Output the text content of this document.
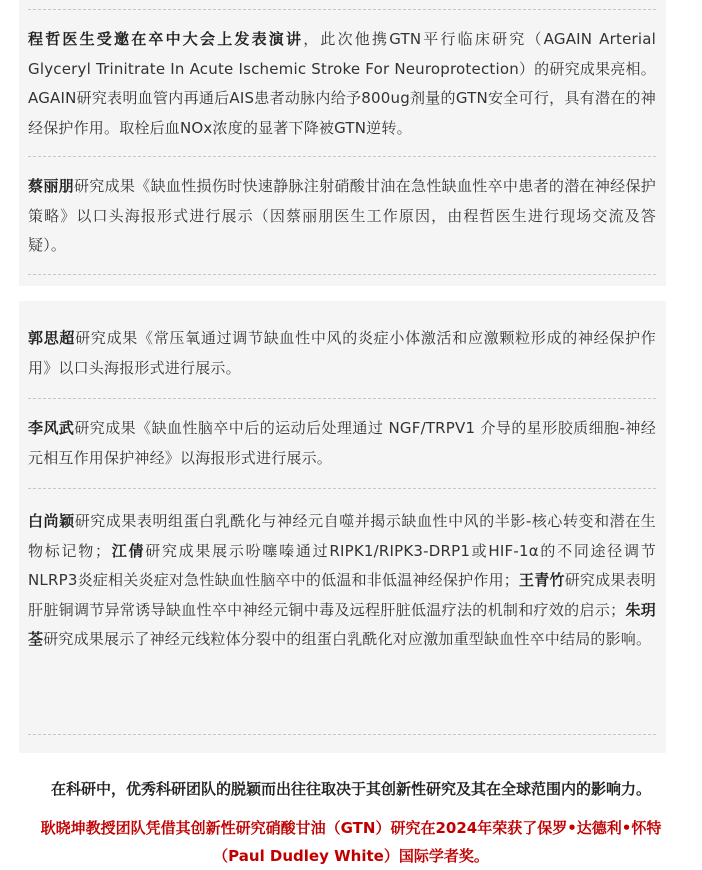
程哲医生受邀在卒中大会上发表演讲，此次他携GTN平行临床研究（AGAIN Arterial Glyceryl Trinitrate In Acute Ischemic Stroke For Neuroprotection）的研究成果亮相。AGAIN研究表明血管内再通后AIS患者动脉内给予800ug剂量的GTN安全可行，具有潜在的神经保护作用。取栓后血NOx浓度的显著下降被GTN逆转。

蔡丽朋研究成果《缺血性损伤时快速静脉注射硝酸甘油在急性缺血性卒中患者的潜在神经保护策略》以口头海报形式进行展示（因蔡丽朋医生工作原因，由程哲医生进行现场交流及答疑）。

郭思超研究成果《常压氧通过调节缺血性中风的炎症小体激活和应激颗粒形成的神经保护作用》以口头海报形式进行展示。

李风武研究成果《缺血性脑卒中后的运动后处理通过 NGF/TRPV1 介导的星形胶质细胞-神经元相互作用保护神经》以海报形式进行展示。

白尚颖研究成果表明组蛋白乳酰化与神经元自噬并揭示缺血性中风的半影-核心转变和潜在生物标记物；江倩研究成果展示吩噻嗪通过RIPK1/RIPK3-DRP1或HIF-1α的不同途径调节NLRP3炎症相关炎症对急性缺血性脑卒中的低温和非低温神经保护作用；王青竹研究成果表明肝脏铜调节异常诱导缺血性卒中神经元铜中毒及远程肝脏低温疗法的机制和疗效的启示；朱玥荃研究成果展示了神经元线粒体分裂中的组蛋白乳酰化对应激加重型缺血性卒中结局的影响。

在科研中，优秀科研团队的脱颖而出往往取决于其创新性研究及其在全球范围内的影响力。

耿晓坤教授团队凭借其创新性研究硝酸甘油（GTN）研究在2024年荣获了保罗•达德利•怀特
（Paul Dudley White）国际学者奖。
